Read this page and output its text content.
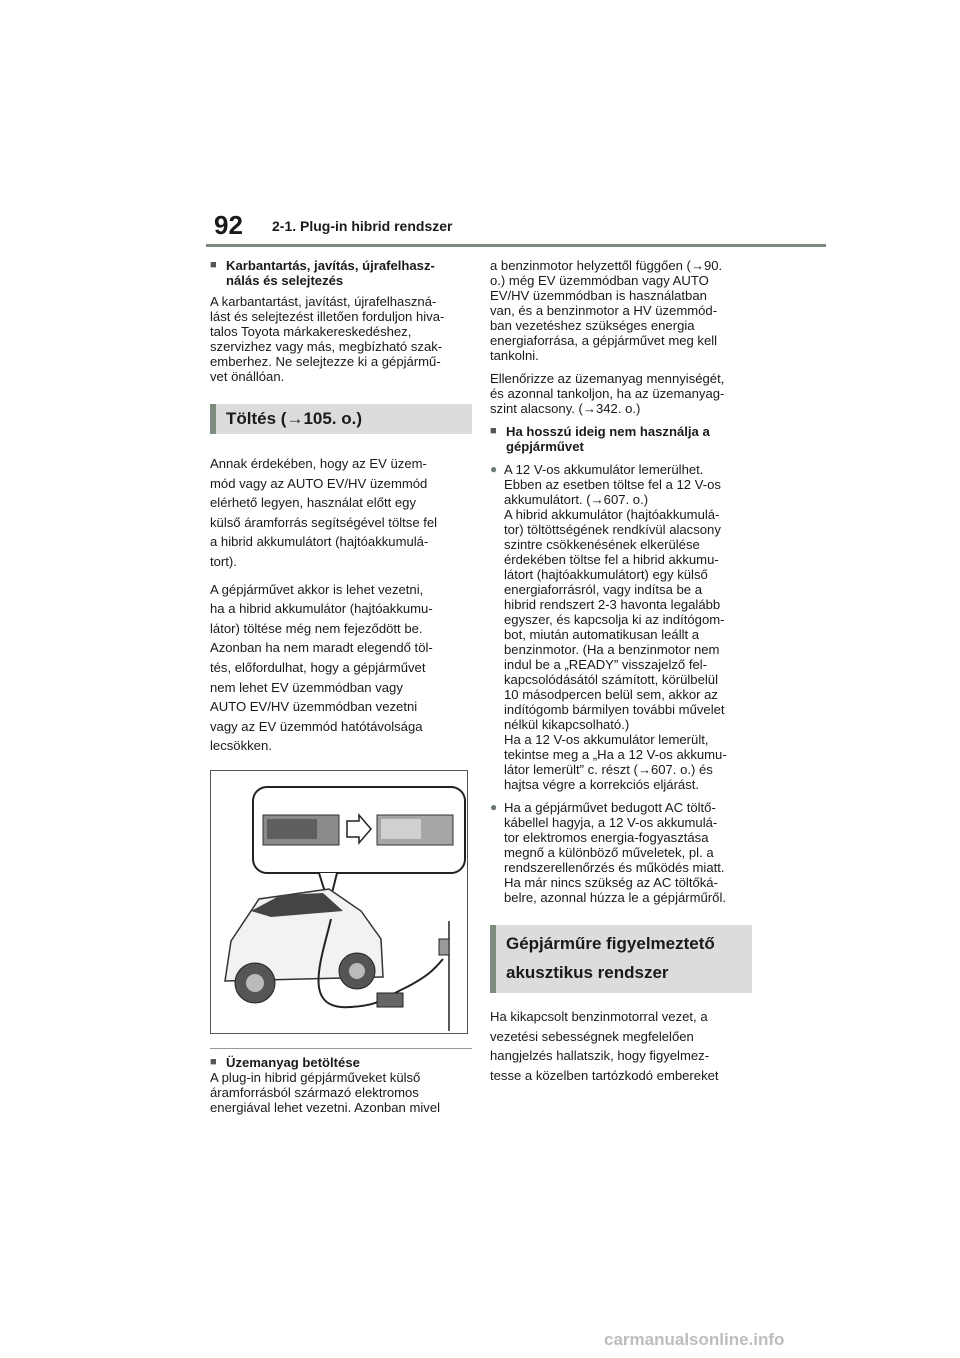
92 2-1. Plug-in hibrid rendszer
■ Karbantartás, javítás, újrafelhasz-
nálás és selejtezés

A karbantartást, javítást, újrafelhaszná-
lást és selejtezést illetően forduljon hiva-
talos Toyota márkakereskedéshez,
szervizhez vagy más, megbízható szak-
emberhez. Ne selejtezze ki a gépjármű-
vet önállóan.

Töltés (→105. o.)

Annak érdekében, hogy az EV üzem-
mód vagy az AUTO EV/HV üzemmód
elérhető legyen, használat előtt egy
külső áramforrás segítségével töltse fel
a hibrid akkumulátort (hajtóakkumulá-
tort).

A gépjárművet akkor is lehet vezetni,
ha a hibrid akkumulátor (hajtóakkumu-
látor) töltése még nem fejeződött be.
Azonban ha nem maradt elegendő töl-
tés, előfordulhat, hogy a gépjárművet
nem lehet EV üzemmódban vagy
AUTO EV/HV üzemmódban vezetni
vagy az EV üzemmód hatótávolsága
lecsökken.

■ Üzemanyag betöltése

A plug-in hibrid gépjárműveket külső
áramforrásból származó elektromos
energiával lehet vezetni. Azonban mivel

a benzinmotor helyzettől függően (→90.
o.) még EV üzemmódban vagy AUTO
EV/HV üzemmódban is használatban
van, és a benzinmotor a HV üzemmód-
ban vezetéshez szükséges energia
energiaforrása, a gépjárművet meg kell
tankolni.

Ellenőrizze az üzemanyag mennyiségét,
és azonnal tankoljon, ha az üzemanyag-
szint alacsony. (→342. o.)

■ Ha hosszú ideig nem használja a
gépjárművet

● A 12 V-os akkumulátor lemerülhet.
Ebben az esetben töltse fel a 12 V-os
akkumulátort. (→607. o.)
A hibrid akkumulátor (hajtóakkumulá-
tor) töltöttségének rendkívül alacsony
szintre csökkenésének elkerülése
érdekében töltse fel a hibrid akkumu-
látort (hajtóakkumulátort) egy külső
energiaforrásról, vagy indítsa be a
hibrid rendszert 2-3 havonta legalább
egyszer, és kapcsolja ki az indítógom-
bot, miután automatikusan leállt a
benzinmotor. (Ha a benzinmotor nem
indul be a „READY” visszajelző fel-
kapcsolódásától számított, körülbelül
10 másodpercen belül sem, akkor az
indítógomb bármilyen további művelet
nélkül kikapcsolható.)
Ha a 12 V-os akkumulátor lemerült,
tekintse meg a „Ha a 12 V-os akkumu-
látor lemerült” c. részt (→607. o.) és
hajtsa végre a korrekciós eljárást.

● Ha a gépjárművet bedugott AC töltő-
kábellel hagyja, a 12 V-os akkumulá-
tor elektromos energia-fogyasztása
megnő a különböző műveletek, pl. a
rendszerellenőrzés és működés miatt.
Ha már nincs szükség az AC töltőká-
belre, azonnal húzza le a gépjárműről.

Gépjárműre figyelmeztető
akusztikus rendszer

Ha kikapcsolt benzinmotorral vezet, a
vezetési sebességnek megfelelően
hangjelzés hallatszik, hogy figyelmez-
tesse a közelben tartózkodó embereket

carmanualsonline.info
